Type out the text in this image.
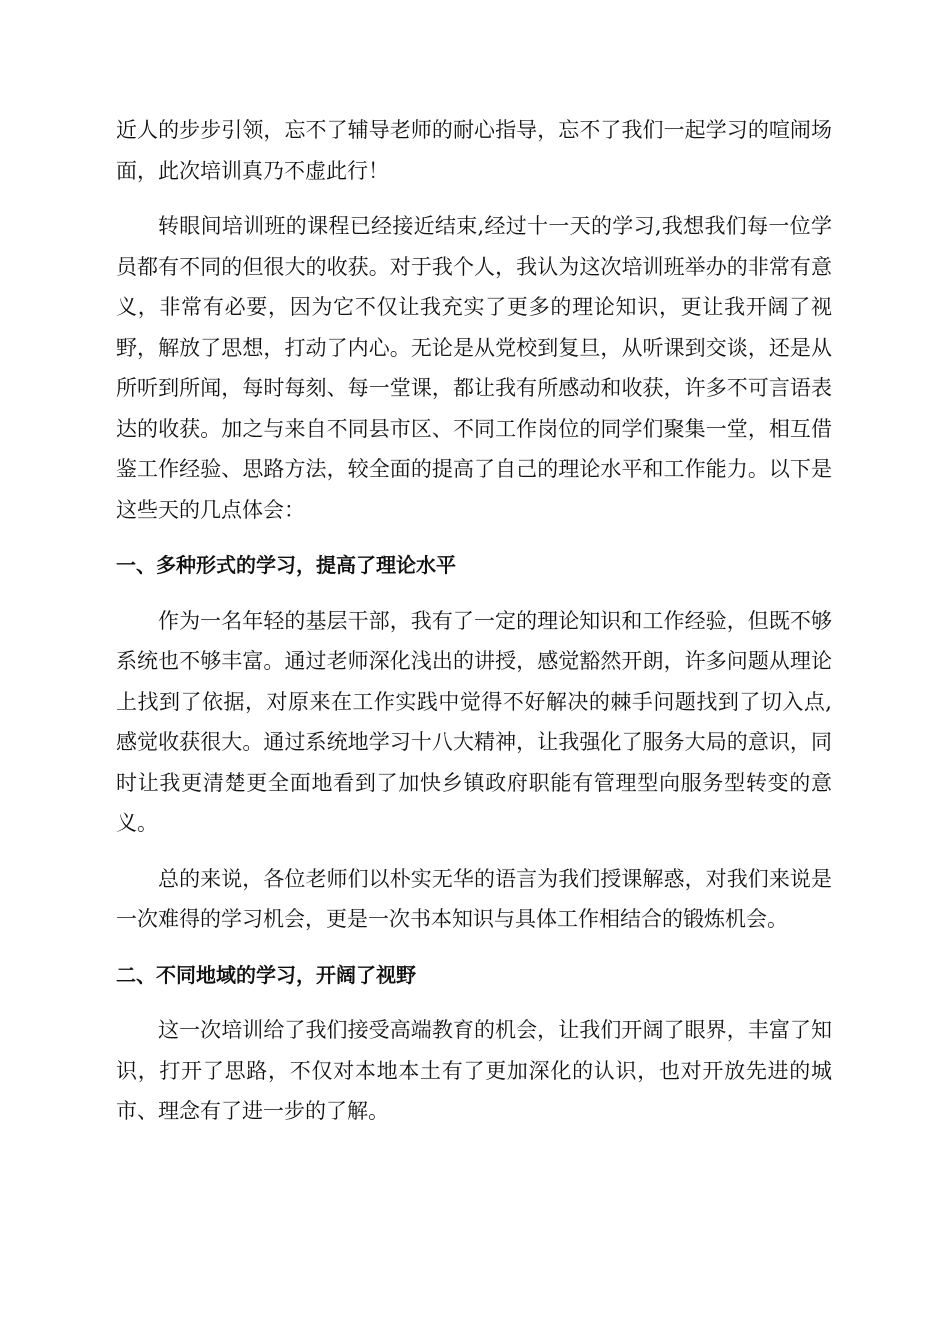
近人的步步引领，忘不了辅导老师的耐心指导，忘不了我们一起学习的喧闹场面，此次培训真乃不虚此行！

转眼间培训班的课程已经接近结束,经过十一天的学习,我想我们每一位学员都有不同的但很大的收获。对于我个人，我认为这次培训班举办的非常有意义，非常有必要，因为它不仅让我充实了更多的理论知识，更让我开阔了视野，解放了思想，打动了内心。无论是从党校到复旦，从听课到交谈，还是从所听到所闻，每时每刻、每一堂课，都让我有所感动和收获，许多不可言语表达的收获。加之与来自不同县市区、不同工作岗位的同学们聚集一堂，相互借鉴工作经验、思路方法，较全面的提高了自己的理论水平和工作能力。以下是这些天的几点体会：

一、多种形式的学习，提高了理论水平

作为一名年轻的基层干部，我有了一定的理论知识和工作经验，但既不够系统也不够丰富。通过老师深化浅出的讲授，感觉豁然开朗，许多问题从理论上找到了依据，对原来在工作实践中觉得不好解决的棘手问题找到了切入点,感觉收获很大。通过系统地学习十八大精神，让我强化了服务大局的意识，同时让我更清楚更全面地看到了加快乡镇政府职能有管理型向服务型转变的意义。

总的来说，各位老师们以朴实无华的语言为我们授课解惑，对我们来说是一次难得的学习机会，更是一次书本知识与具体工作相结合的锻炼机会。

二、不同地域的学习，开阔了视野

这一次培训给了我们接受高端教育的机会，让我们开阔了眼界，丰富了知识，打开了思路，不仅对本地本土有了更加深化的认识，也对开放先进的城市、理念有了进一步的了解。
